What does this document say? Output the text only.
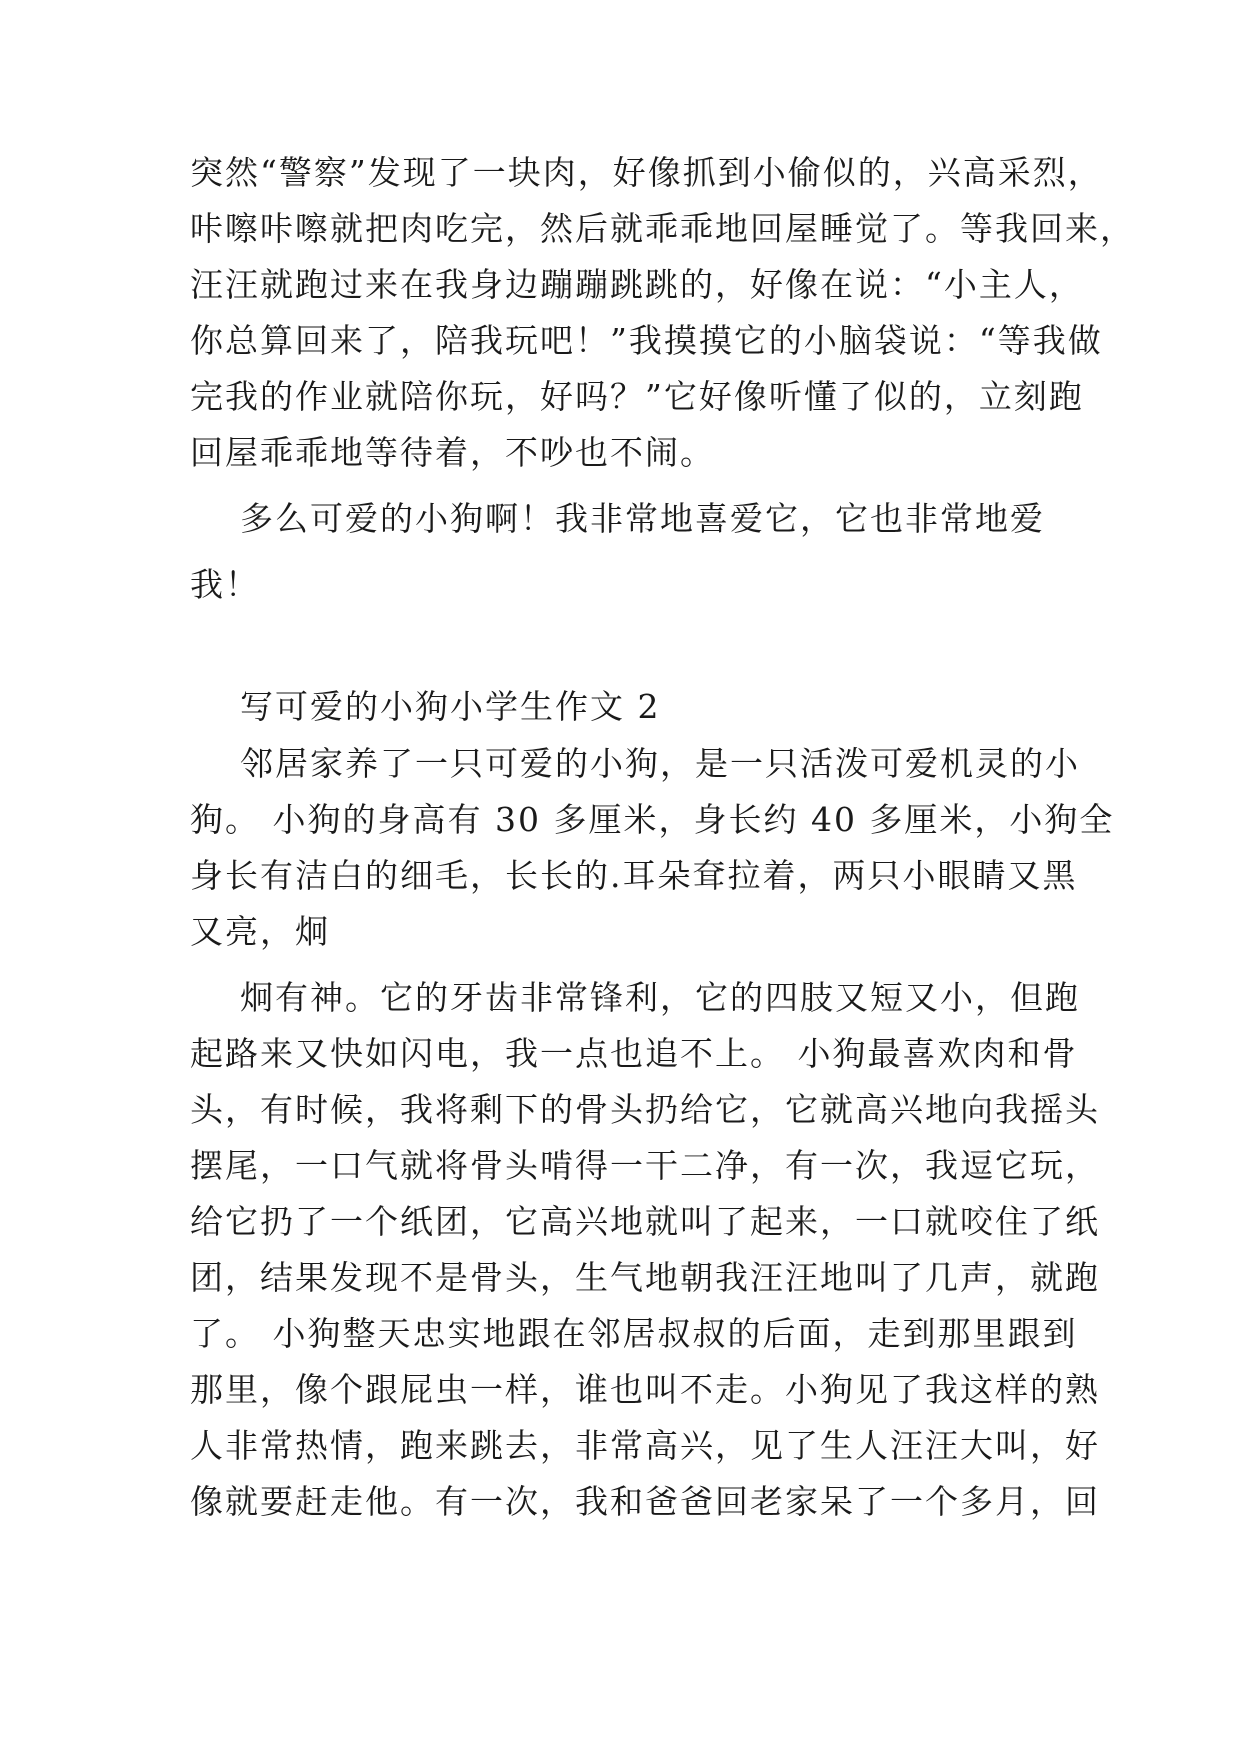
突然“警察”发现了一块肉，好像抓到小偷似的，兴高采烈，
咔嚓咔嚓就把肉吃完，然后就乖乖地回屋睡觉了。等我回来，
汪汪就跑过来在我身边蹦蹦跳跳的，好像在说：“小主人，
你总算回来了，陪我玩吧！”我摸摸它的小脑袋说：“等我做
完我的作业就陪你玩，好吗？”它好像听懂了似的，立刻跑
回屋乖乖地等待着，不吵也不闹。
多么可爱的小狗啊！我非常地喜爱它，它也非常地爱
我！
写可爱的小狗小学生作文 2
邻居家养了一只可爱的小狗，是一只活泼可爱机灵的小
狗。 小狗的身高有 30 多厘米，身长约 40 多厘米，小狗全
身长有洁白的细毛，长长的.耳朵耷拉着，两只小眼睛又黑
又亮，炯
炯有神。它的牙齿非常锋利，它的四肢又短又小，但跑
起路来又快如闪电，我一点也追不上。 小狗最喜欢肉和骨
头，有时候，我将剩下的骨头扔给它，它就高兴地向我摇头
摆尾，一口气就将骨头啃得一干二净，有一次，我逗它玩，
给它扔了一个纸团，它高兴地就叫了起来，一口就咬住了纸
团，结果发现不是骨头，生气地朝我汪汪地叫了几声，就跑
了。 小狗整天忠实地跟在邻居叔叔的后面，走到那里跟到
那里，像个跟屁虫一样，谁也叫不走。小狗见了我这样的熟
人非常热情，跑来跳去，非常高兴，见了生人汪汪大叫，好
像就要赶走他。有一次，我和爸爸回老家呆了一个多月，回
